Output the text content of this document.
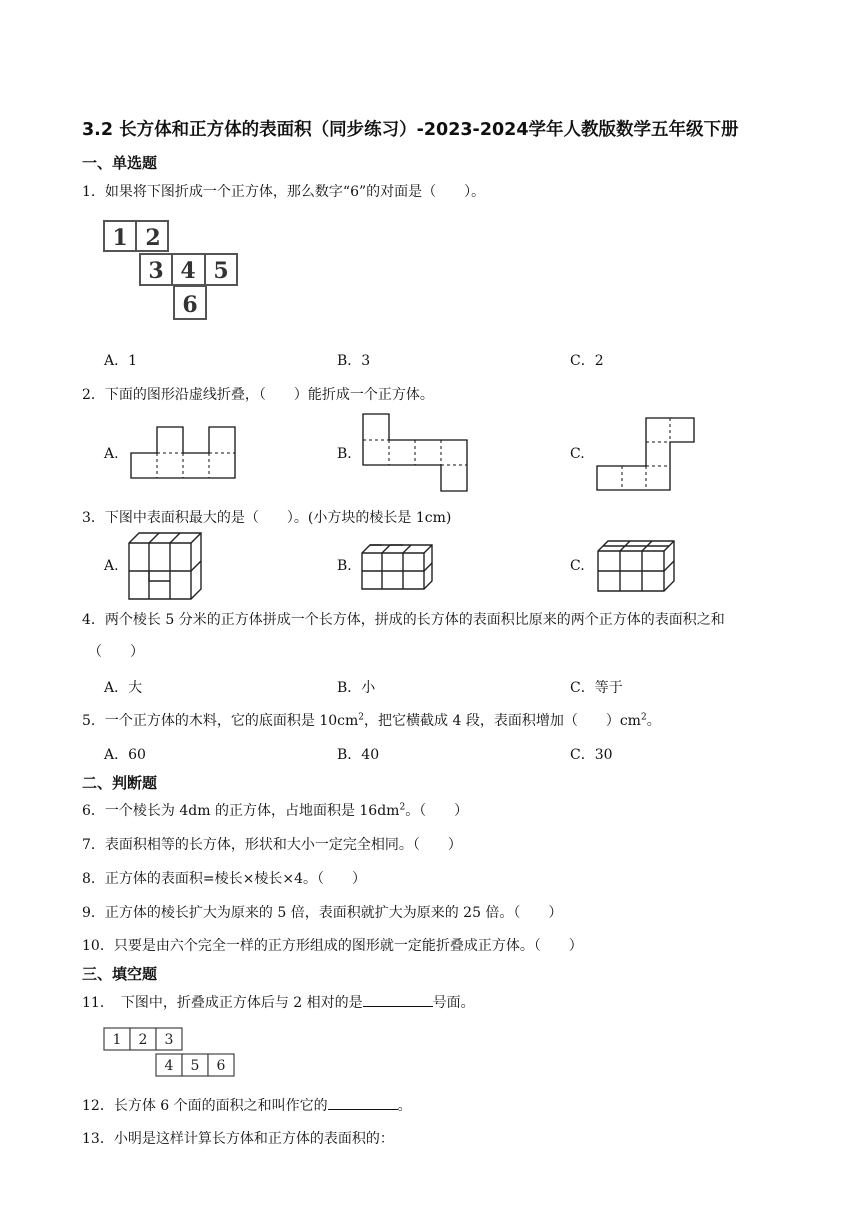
3.2 长方体和正方体的表面积（同步练习）-2023-2024学年人教版数学五年级下册
一、单选题
1．如果将下图折成一个正方体，那么数字“6”的对面是（　　）。
1 2
3 4 5
6
A．1	B．3	C．2
2．下面的图形沿虚线折叠，（　　）能折成一个正方体。
A.	B.	C.
3．下图中表面积最大的是（　　）。(小方块的棱长是 1cm)
A.	B.	C.
4．两个棱长 5 分米的正方体拼成一个长方体，拼成的长方体的表面积比原来的两个正方体的表面积之和
（　　）
A．大	B．小	C．等于
5．一个正方体的木料，它的底面积是 $10cm^2$，把它横截成 4 段，表面积增加（　　）$cm^2$。
A．60	B．40	C．30
二、判断题
6．一个棱长为 4dm 的正方体，占地面积是 $16dm^2$。（　　）
7．表面积相等的长方体，形状和大小一定完全相同。（　　）
8．正方体的表面积=棱长×棱长×4。（　　）
9．正方体的棱长扩大为原来的 5 倍，表面积就扩大为原来的 25 倍。（　　）
10．只要是由六个完全一样的正方形组成的图形就一定能折叠成正方体。（　　）
三、填空题
11．　下图中，折叠成正方体后与 2 相对的是	号面。
1 2 3
4 5 6
12．长方体 6 个面的面积之和叫作它的	。
13．小明是这样计算长方体和正方体的表面积的：
